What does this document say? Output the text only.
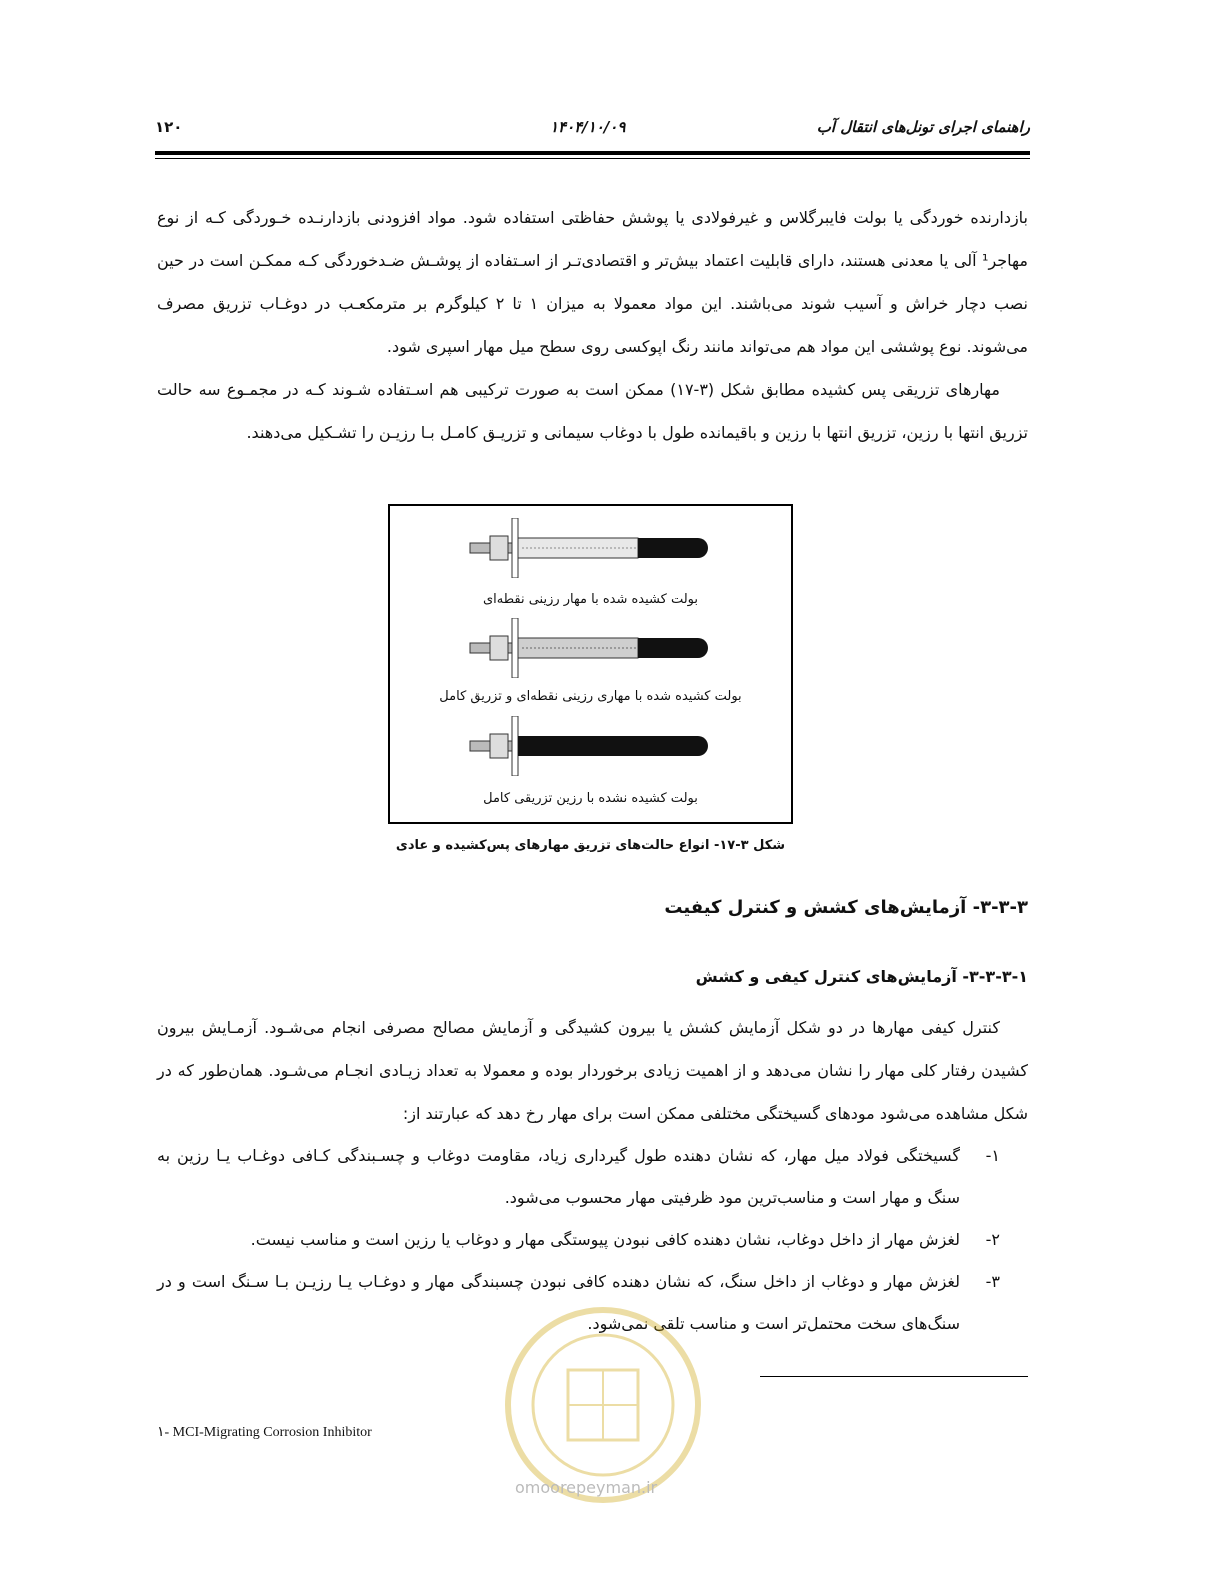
راهنمای اجرای تونل‌های انتقال آب
۱۴۰۴/۱۰/۰۹
۱۲۰
بازدارنده خوردگی یا بولت فایبرگلاس و غیرفولادی یا پوشش حفاظتی استفاده شود. مواد افزودنی بازدارنـده خـوردگی کـه از نوع مهاجر¹ آلی یا معدنی هستند، دارای قابلیت اعتماد بیش‌تر و اقتصادی‌تـر از اسـتفاده از پوشـش ضـدخوردگی کـه ممکـن است در حین نصب دچار خراش و آسیب شوند می‌باشند. این مواد معمولا به میزان ۱ تا ۲ کیلوگرم بر مترمکعـب در دوغـاب تزریق مصرف می‌شوند. نوع پوششی این مواد هم می‌تواند مانند رنگ اپوکسی روی سطح میل مهار اسپری شود.
مهارهای تزریقی پس کشیده مطابق شکل (۳-۱۷) ممکن است به صورت ترکیبی هم اسـتفاده شـوند کـه در مجمـوع سه حالت تزریق انتها با رزین، تزریق انتها با رزین و باقیمانده طول با دوغاب سیمانی و تزریـق کامـل بـا رزیـن را تشـکیل می‌دهند.
بولت کشیده شده با مهار رزینی نقطه‌ای
بولت کشیده شده با مهاری رزینی نقطه‌ای و تزریق کامل
بولت کشیده نشده با رزین تزریقی کامل
شکل ۳-۱۷- انواع حالت‌های تزریق مهارهای پس‌کشیده و عادی
۳-۳-۳- آزمایش‌های کشش و کنترل کیفیت
۳-۳-۳-۱- آزمایش‌های کنترل کیفی و کشش
کنترل کیفی مهارها در دو شکل آزمایش کشش یا بیرون کشیدگی و آزمایش مصالح مصرفی انجام می‌شـود. آزمـایش بیرون کشیدن رفتار کلی مهار را نشان می‌دهد و از اهمیت زیادی برخوردار بوده و معمولا به تعداد زیـادی انجـام می‌شـود. همان‌طور که در شکل مشاهده می‌شود مودهای گسیختگی مختلفی ممکن است برای مهار رخ دهد که عبارتند از:
۱-
گسیختگی فولاد میل مهار، که نشان دهنده طول گیرداری زیاد، مقاومت دوغاب و چسـبندگی کـافی دوغـاب یـا رزین به سنگ و مهار است و مناسب‌ترین مود ظرفیتی مهار محسوب می‌شود.
۲-
لغزش مهار از داخل دوغاب، نشان دهنده کافی نبودن پیوستگی مهار و دوغاب یا رزین است و مناسب نیست.
۳-
لغزش مهار و دوغاب از داخل سنگ، که نشان دهنده کافی نبودن چسبندگی مهار و دوغـاب یـا رزیـن بـا سـنگ است و در سنگ‌های سخت محتمل‌تر است و مناسب تلقی نمی‌شود.
omoorepeyman.ir
۱- MCI-Migrating Corrosion Inhibitor
